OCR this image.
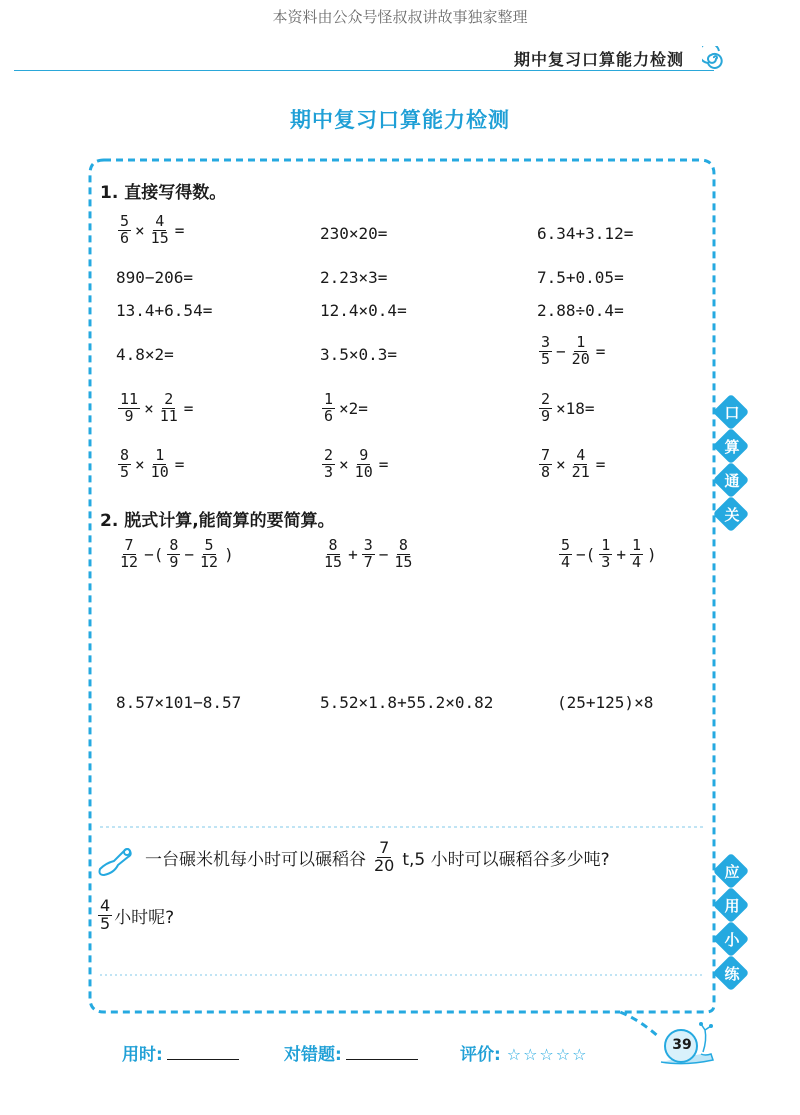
本资料由公众号怪叔叔讲故事独家整理
期中复习口算能力检测
期中复习口算能力检测
1. 直接写得数。
$\frac{5}{6} \times \frac{4}{15}$ =	230×20=	6.34+3.12=
890−206=	2.23×3=	7.5+0.05=
13.4+6.54=	12.4×0.4=	2.88÷0.4=
4.8×2=	3.5×0.3=	$\frac{3}{5} - \frac{1}{20}$ =
$\frac{11}{9} \times \frac{2}{11}$ =	$\frac{1}{6} \times 2=$	$\frac{2}{9} \times 18=$
$\frac{8}{5} \times \frac{1}{10}$ =	$\frac{2}{3} \times \frac{9}{10}$ =	$\frac{7}{8} \times \frac{4}{21}$ =
2. 脱式计算,能简算的要简算。
$\frac{7}{12}$ −( $\frac{8}{9} - \frac{5}{12}$ )	$\frac{8}{15} + \frac{3}{7} - \frac{8}{15}$	$\frac{5}{4}$ −( $\frac{1}{3} + \frac{1}{4}$ )
8.57×101−8.57	5.52×1.8+55.2×0.82	(25+125)×8
一台碾米机每小时可以碾稻谷 $\frac{7}{20} t,5$ 小时可以碾稻谷多少吨?
$\frac{4}{5}$ 小时呢?
口
算
通
关
应
用
小
练
用时:	对错题:	评价: ☆☆☆☆☆	39
